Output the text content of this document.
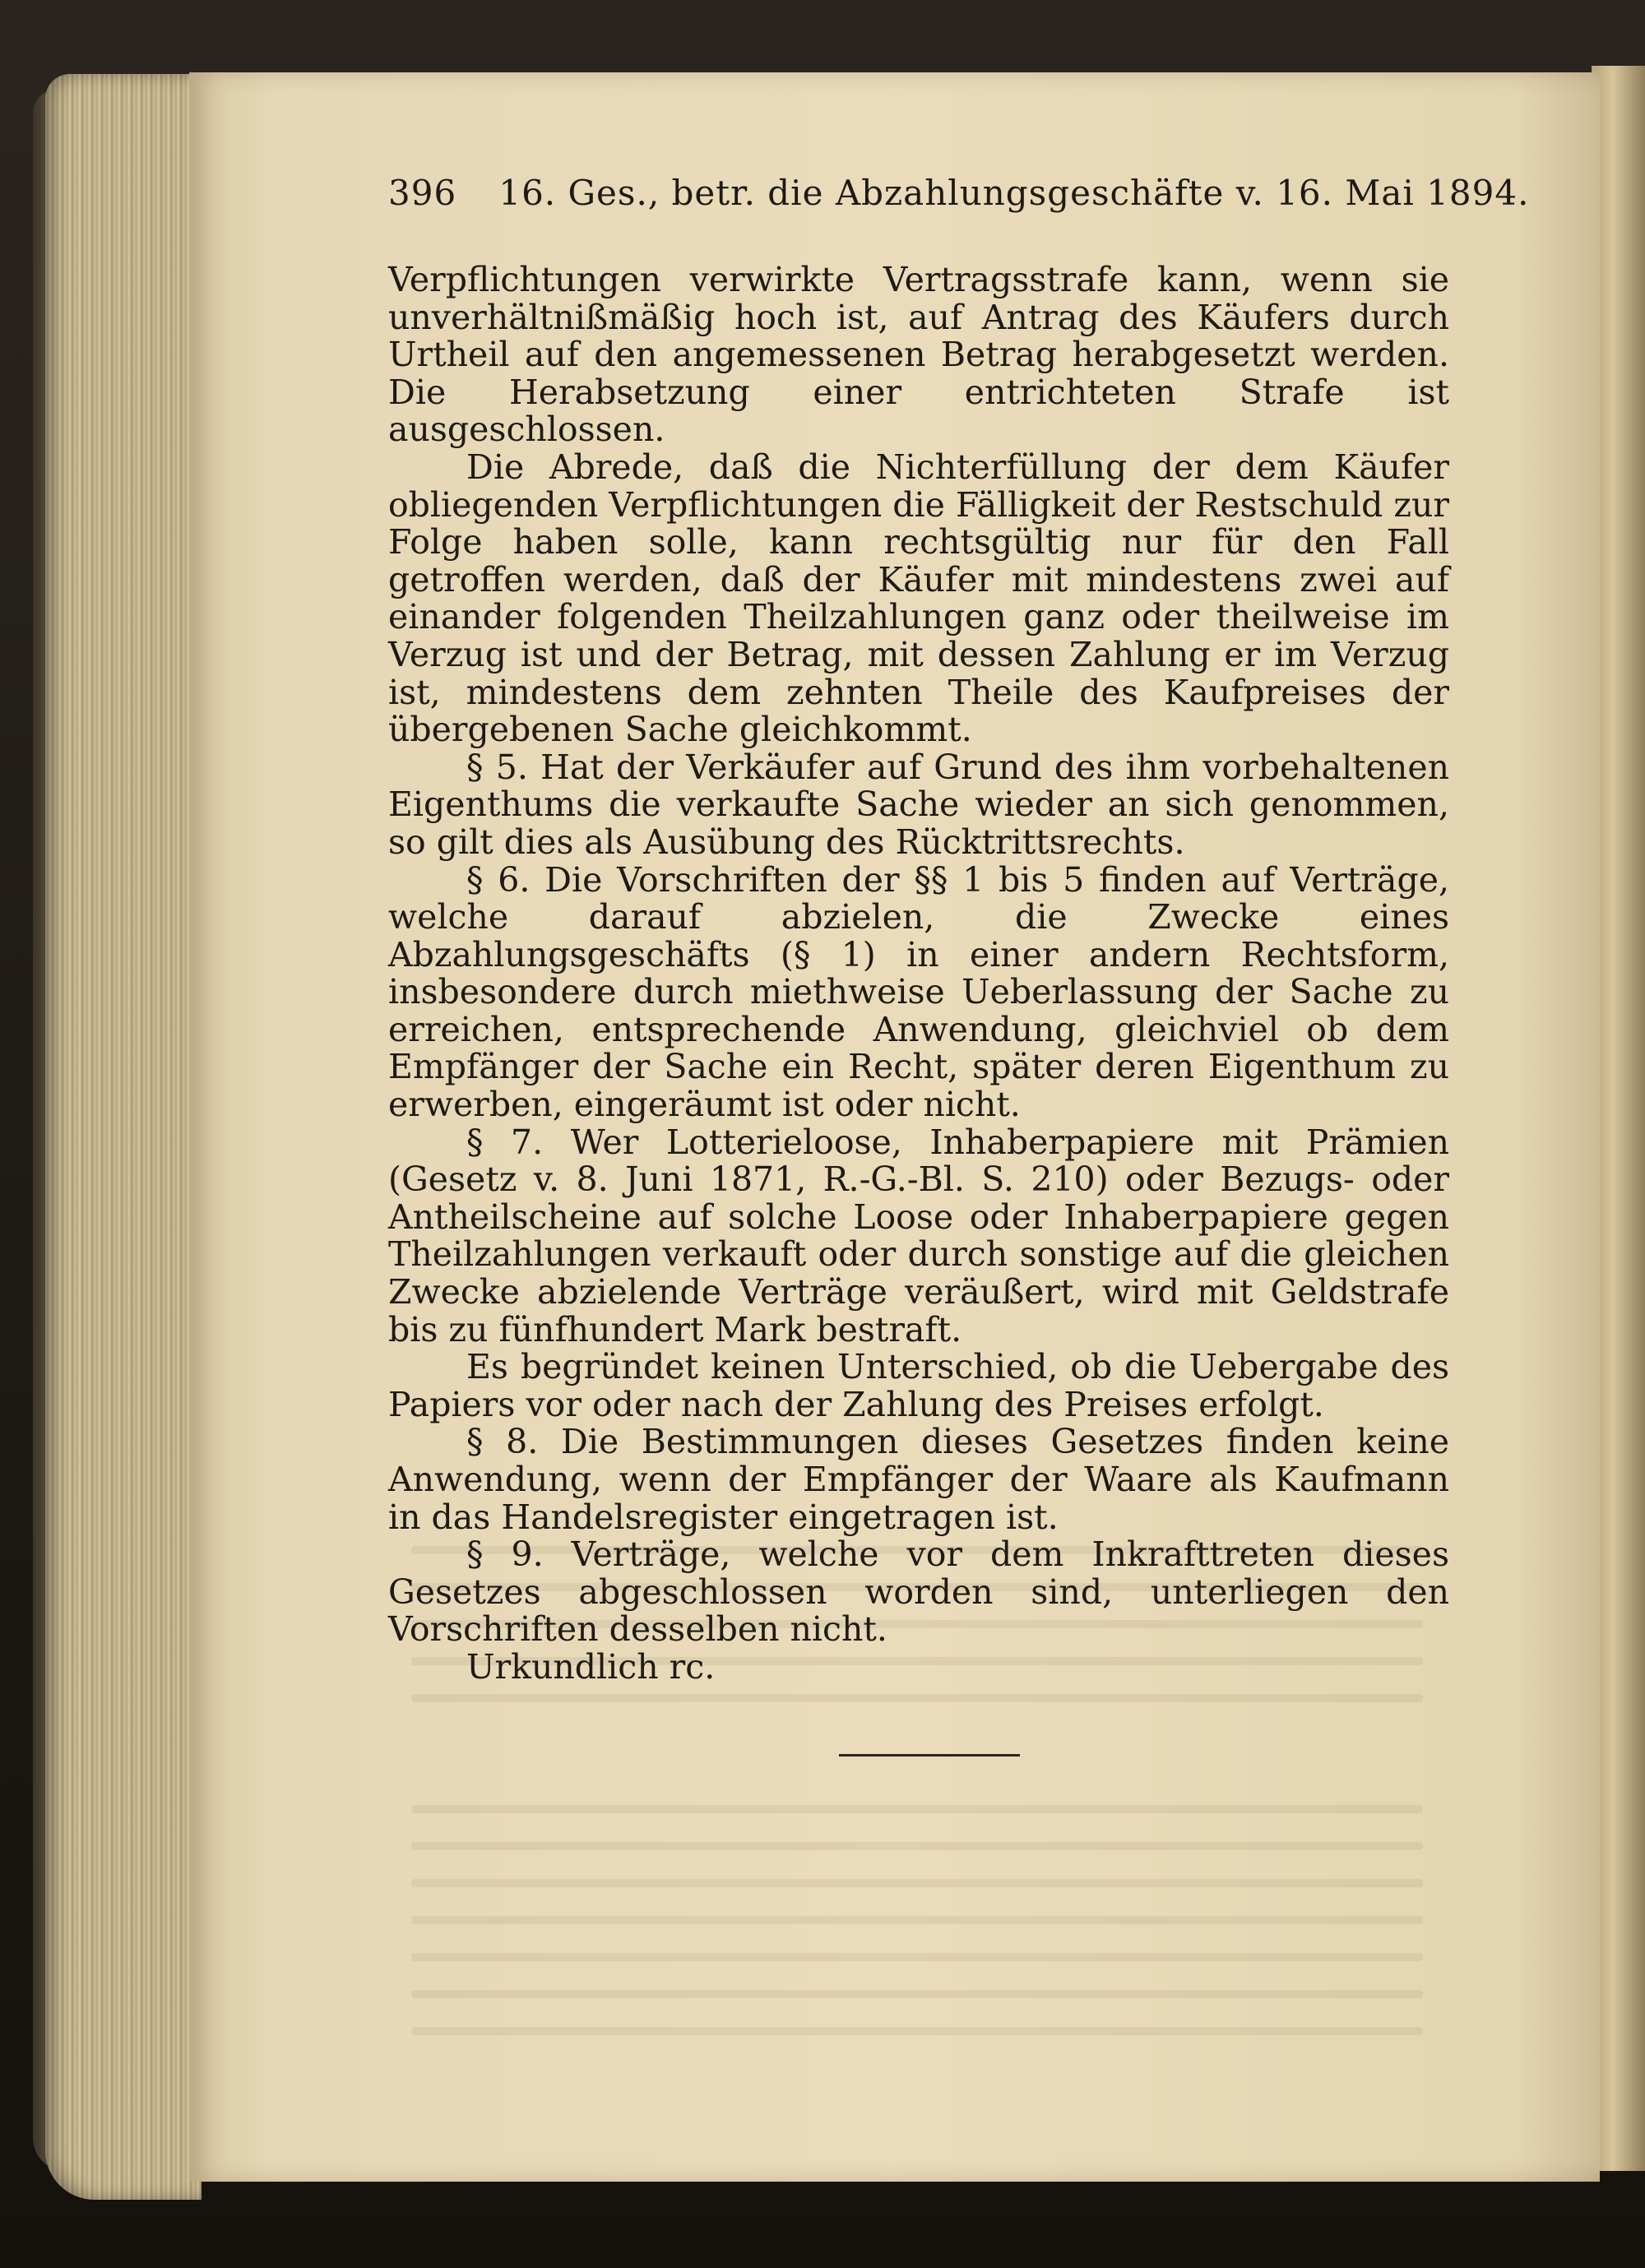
396 16. Ges., betr. die Abzahlungsgeschäfte v. 16. Mai 1894.

Verpflichtungen verwirkte Vertragsstrafe kann, wenn sie unverhältnißmäßig hoch ist, auf Antrag des Käufers durch Urtheil auf den angemessenen Betrag herabgesetzt werden. Die Herabsetzung einer entrichteten Strafe ist ausgeschlossen.

Die Abrede, daß die Nichterfüllung der dem Käufer obliegenden Verpflichtungen die Fälligkeit der Restschuld zur Folge haben solle, kann rechtsgültig nur für den Fall getroffen werden, daß der Käufer mit mindestens zwei auf einander folgenden Theilzahlungen ganz oder theilweise im Verzug ist und der Betrag, mit dessen Zahlung er im Verzug ist, mindestens dem zehnten Theile des Kaufpreises der übergebenen Sache gleichkommt.

§ 5. Hat der Verkäufer auf Grund des ihm vorbehaltenen Eigenthums die verkaufte Sache wieder an sich genommen, so gilt dies als Ausübung des Rücktrittsrechts.

§ 6. Die Vorschriften der §§ 1 bis 5 finden auf Verträge, welche darauf abzielen, die Zwecke eines Abzahlungsgeschäfts (§ 1) in einer andern Rechtsform, insbesondere durch miethweise Ueberlassung der Sache zu erreichen, entsprechende Anwendung, gleichviel ob dem Empfänger der Sache ein Recht, später deren Eigenthum zu erwerben, eingeräumt ist oder nicht.

§ 7. Wer Lotterieloose, Inhaberpapiere mit Prämien (Gesetz v. 8. Juni 1871, R.-G.-Bl. S. 210) oder Bezugs- oder Antheilscheine auf solche Loose oder Inhaberpapiere gegen Theilzahlungen verkauft oder durch sonstige auf die gleichen Zwecke abzielende Verträge veräußert, wird mit Geldstrafe bis zu fünfhundert Mark bestraft.

Es begründet keinen Unterschied, ob die Uebergabe des Papiers vor oder nach der Zahlung des Preises erfolgt.

§ 8. Die Bestimmungen dieses Gesetzes finden keine Anwendung, wenn der Empfänger der Waare als Kaufmann in das Handelsregister eingetragen ist.

§ 9. Verträge, welche vor dem Inkrafttreten dieses Gesetzes abgeschlossen worden sind, unterliegen den Vorschriften desselben nicht.

Urkundlich rc.
